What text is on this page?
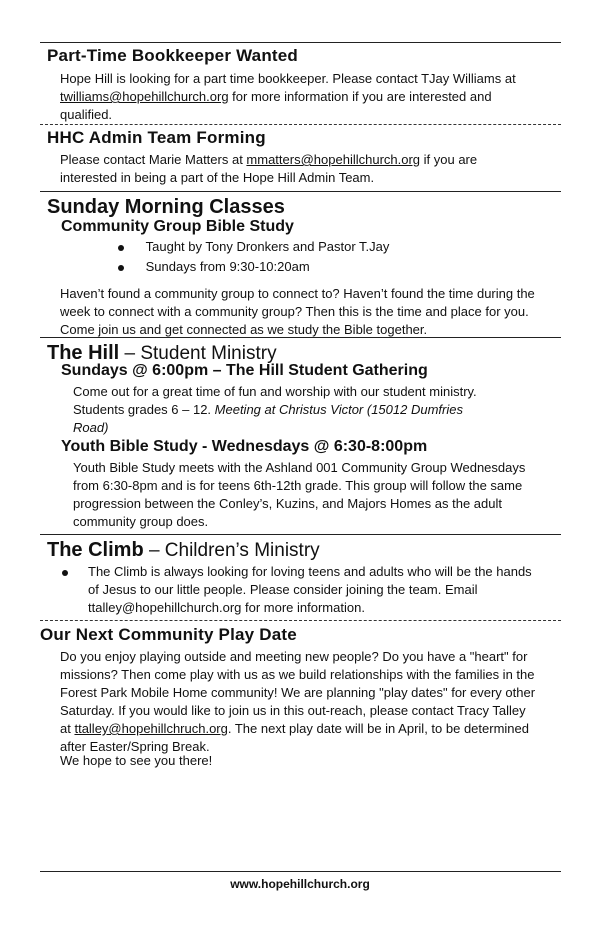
Part-Time Bookkeeper Wanted
Hope Hill is looking for a part time bookkeeper. Please contact TJay Williams at twilliams@hopehillchurch.org for more information if you are interested and qualified.
HHC Admin Team Forming
Please contact Marie Matters at mmatters@hopehillchurch.org if you are interested in being a part of the Hope Hill Admin Team.
Sunday Morning Classes
Community Group Bible Study
Taught by Tony Dronkers and Pastor T.Jay
Sundays from 9:30-10:20am
Haven’t found a community group to connect to? Haven’t found the time during the week to connect with a community group? Then this is the time and place for you. Come join us and get connected as we study the Bible together.
The Hill – Student Ministry
Sundays @ 6:00pm – The Hill Student Gathering
Come out for a great time of fun and worship with our student ministry. Students grades 6 – 12. Meeting at Christus Victor (15012 Dumfries Road)
Youth Bible Study - Wednesdays @ 6:30-8:00pm
Youth Bible Study meets with the Ashland 001 Community Group Wednesdays from 6:30-8pm and is for teens 6th-12th grade. This group will follow the same progression between the Conley’s, Kuzins, and Majors Homes as the adult community group does.
The Climb – Children’s Ministry
The Climb is always looking for loving teens and adults who will be the hands of Jesus to our little people. Please consider joining the team. Email ttalley@hopehillchurch.org for more information.
Our Next Community Play Date
Do you enjoy playing outside and meeting new people? Do you have a "heart" for missions? Then come play with us as we build relationships with the families in the Forest Park Mobile Home community! We are planning "play dates" for every other Saturday. If you would like to join us in this out-reach, please contact Tracy Talley at ttalley@hopehillchruch.org. The next play date will be in April, to be determined after Easter/Spring Break.
We hope to see you there!
www.hopehillchurch.org
